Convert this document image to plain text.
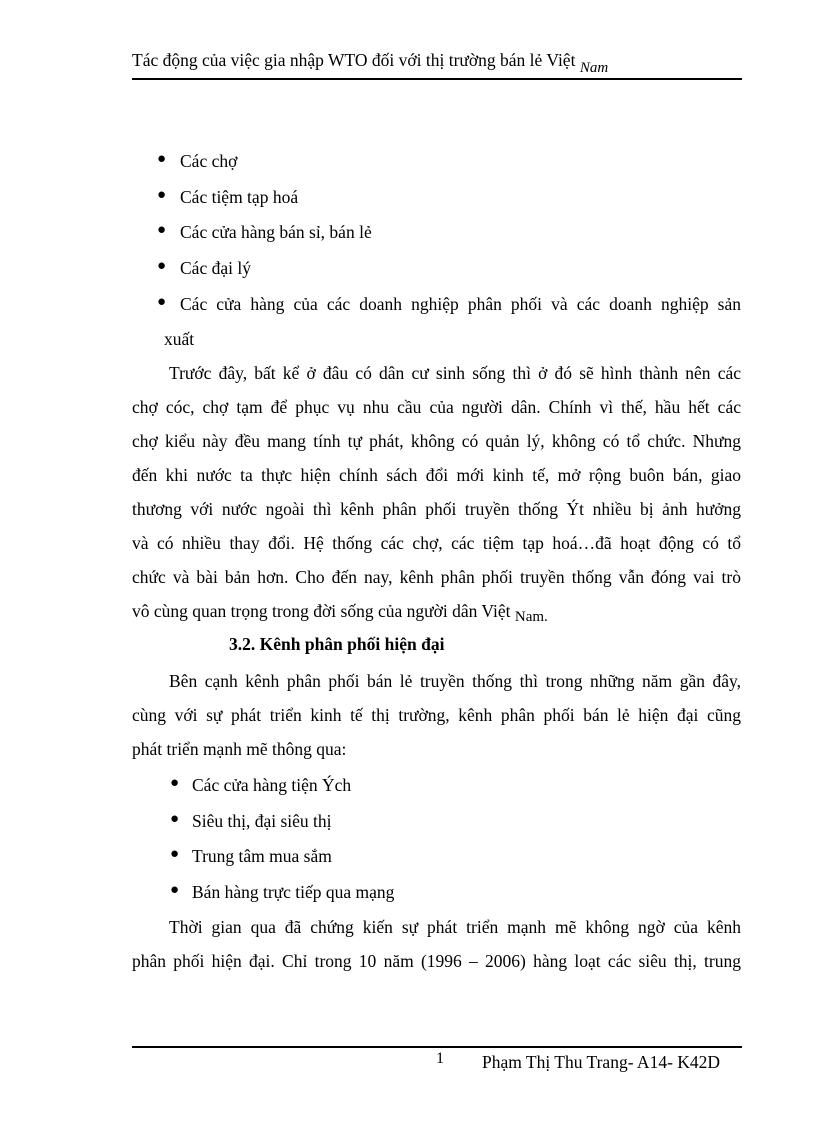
Tác động của việc gia nhập WTO đối với thị trường bán lẻ Việt Nam
● Các chợ
● Các tiệm tạp hoá
● Các cửa hàng bán sỉ, bán lẻ
● Các đại lý
● Các cửa hàng của các doanh nghiệp phân phối và các doanh nghiệp sản
xuất
Trước đây, bất kể ở đâu có dân cư sinh sống thì ở đó sẽ hình thành nên các
chợ cóc, chợ tạm để phục vụ nhu cầu của người dân. Chính vì thế, hầu hết các
chợ kiểu này đều mang tính tự phát, không có quản lý, không có tổ chức. Nhưng
đến khi nước ta thực hiện chính sách đổi mới kinh tế, mở rộng buôn bán, giao
thương với nước ngoài thì kênh phân phối truyền thống Ýt nhiều bị ảnh hưởng
và có nhiều thay đổi. Hệ thống các chợ, các tiệm tạp hoá…đã hoạt động có tổ
chức và bài bản hơn. Cho đến nay, kênh phân phối truyền thống vẫn đóng vai trò
vô cùng quan trọng trong đời sống của người dân Việt Nam.
3.2. Kênh phân phối hiện đại
Bên cạnh kênh phân phối bán lẻ truyền thống thì trong những năm gần đây,
cùng với sự phát triển kinh tế thị trường, kênh phân phối bán lẻ hiện đại cũng
phát triển mạnh mẽ thông qua:
● Các cửa hàng tiện Ých
● Siêu thị, đại siêu thị
● Trung tâm mua sắm
● Bán hàng trực tiếp qua mạng
Thời gian qua đã chứng kiến sự phát triển mạnh mẽ không ngờ của kênh
phân phối hiện đại. Chỉ trong 10 năm (1996 – 2006) hàng loạt các siêu thị, trung
1 Phạm Thị Thu Trang- A14- K42D
